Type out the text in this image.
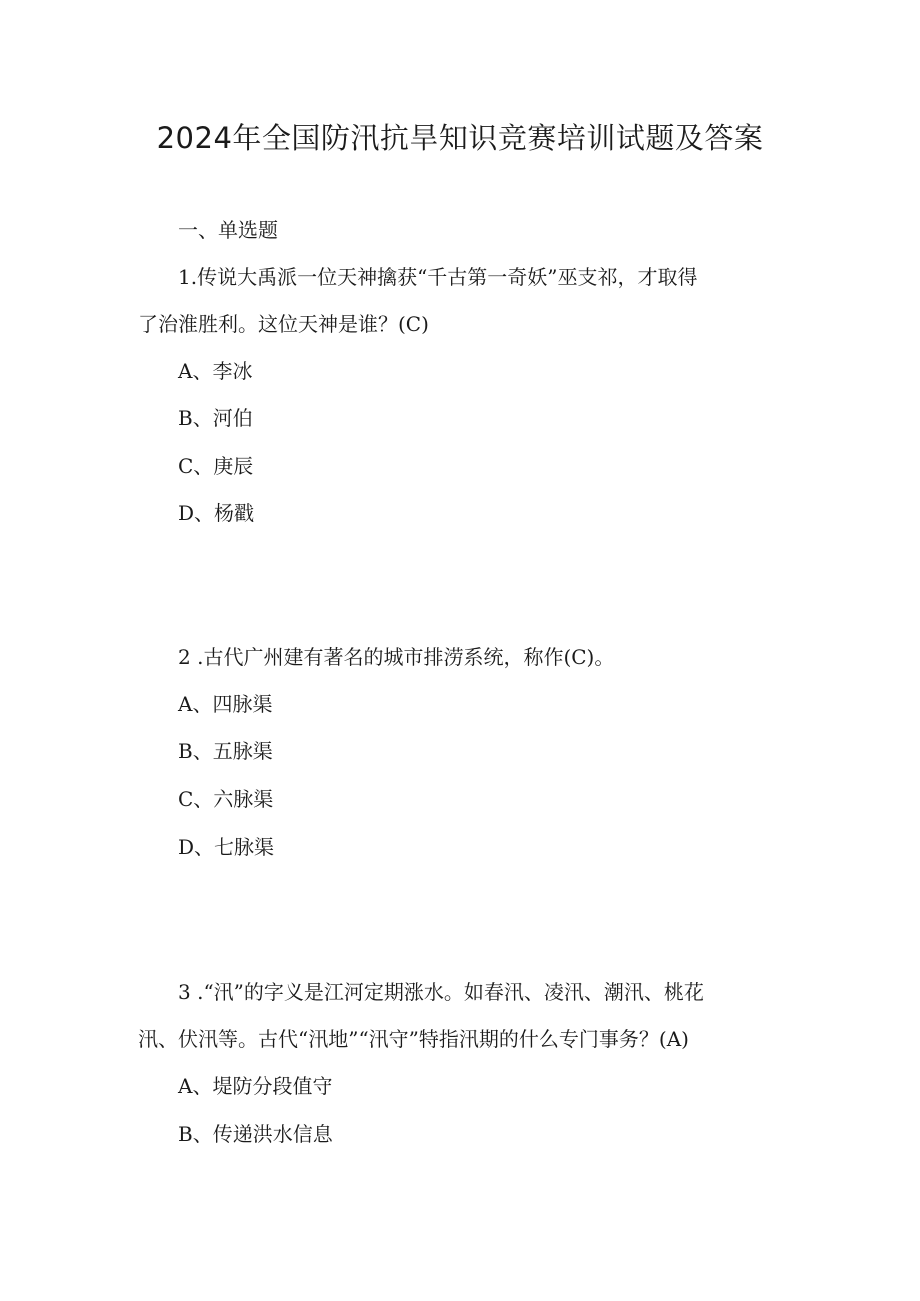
2024年全国防汛抗旱知识竞赛培训试题及答案
一、单选题
1.传说大禹派一位天神擒获“千古第一奇妖”巫支祁，才取得
了治淮胜利。这位天神是谁？(C)
A、李冰
B、河伯
C、庚辰
D、杨戳
2 .古代广州建有著名的城市排涝系统，称作(C)。
A、四脉渠
B、五脉渠
C、六脉渠
D、七脉渠
3 .“汛”的字义是江河定期涨水。如春汛、凌汛、潮汛、桃花
汛、伏汛等。古代“汛地”“汛守”特指汛期的什么专门事务？(A)
A、堤防分段值守
B、传递洪水信息
